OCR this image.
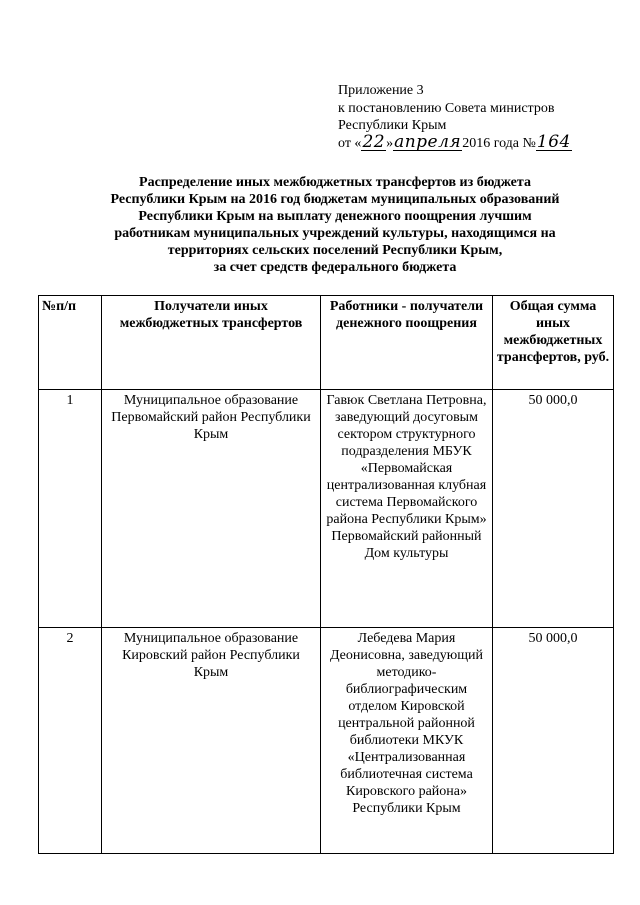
Приложение 3
к постановлению Совета министров
Республики Крым
от «22»апреля2016 года №164
Распределение иных межбюджетных трансфертов из бюджета
Республики Крым на 2016 год бюджетам муниципальных образований
Республики Крым на выплату денежного поощрения лучшим
работникам муниципальных учреждений культуры, находящимся на
территориях сельских поселений Республики Крым,
за счет средств федерального бюджета
№п/п	Получатели иных межбюджетных трансфертов	Работники - получатели денежного поощрения	Общая сумма иных межбюджетных трансфертов, руб.
1	Муниципальное образование Первомайский район Республики Крым	Гавюк Светлана Петровна, заведующий досуговым сектором структурного подразделения МБУК «Первомайская централизованная клубная система Первомайского района Республики Крым» Первомайский районный Дом культуры	50 000,0
2	Муниципальное образование Кировский район Республики Крым	Лебедева Мария Деонисовна, заведующий методико-библиографическим отделом Кировской центральной районной библиотеки МКУК «Централизованная библиотечная система Кировского района» Республики Крым	50 000,0
